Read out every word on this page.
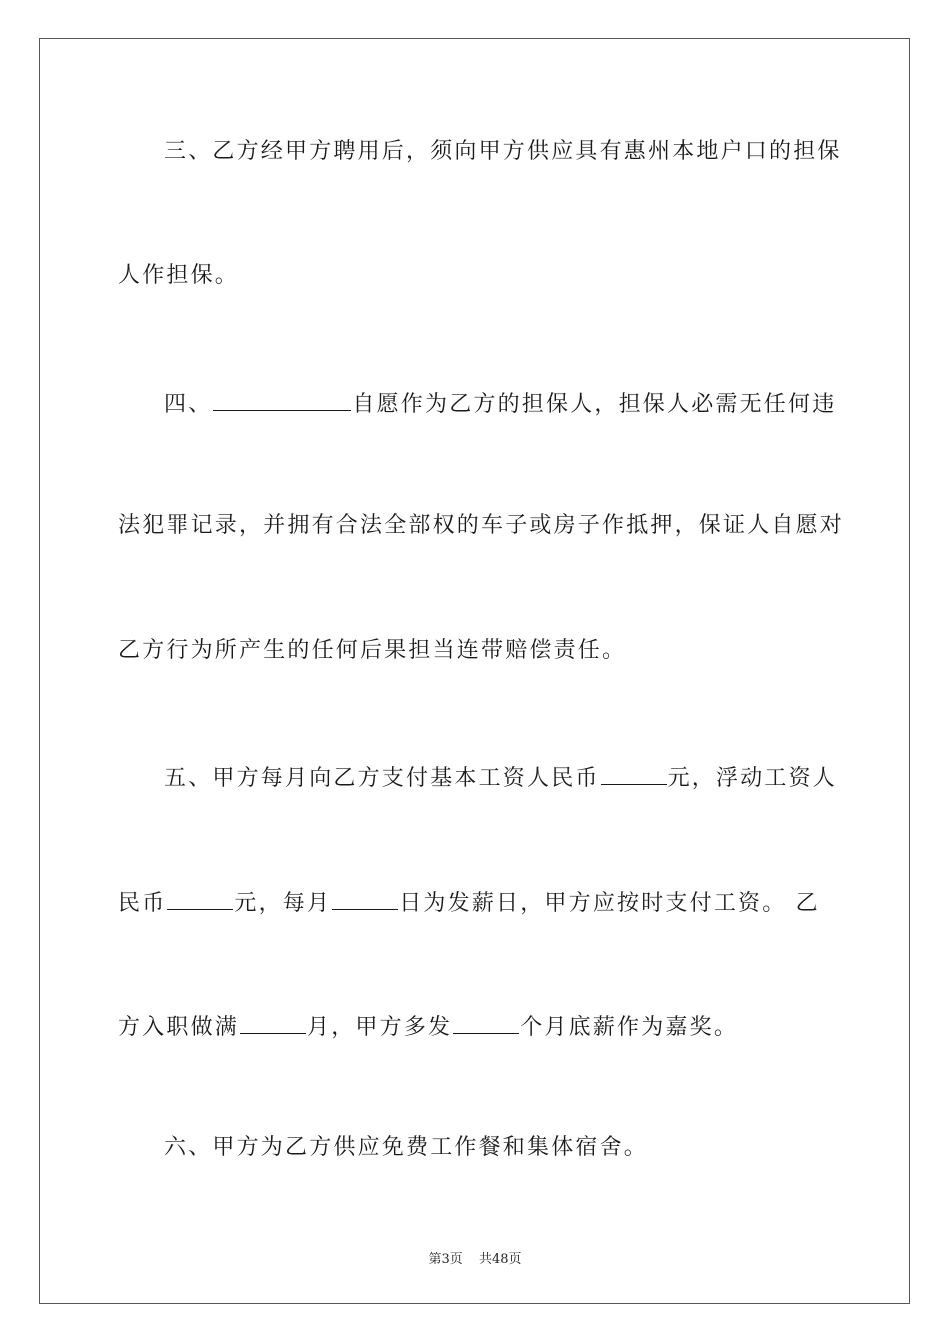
三、乙方经甲方聘用后，须向甲方供应具有惠州本地户口的担保
人作担保。
四、	自愿作为乙方的担保人，担保人必需无任何违
法犯罪记录，并拥有合法全部权的车子或房子作抵押，保证人自愿对
乙方行为所产生的任何后果担当连带赔偿责任。
五、甲方每月向乙方支付基本工资人民币	元，浮动工资人
民币	元，每月	日为发薪日，甲方应按时支付工资。 乙
方入职做满	月，甲方多发	个月底薪作为嘉奖。
六、甲方为乙方供应免费工作餐和集体宿舍。
第3页 共48页
